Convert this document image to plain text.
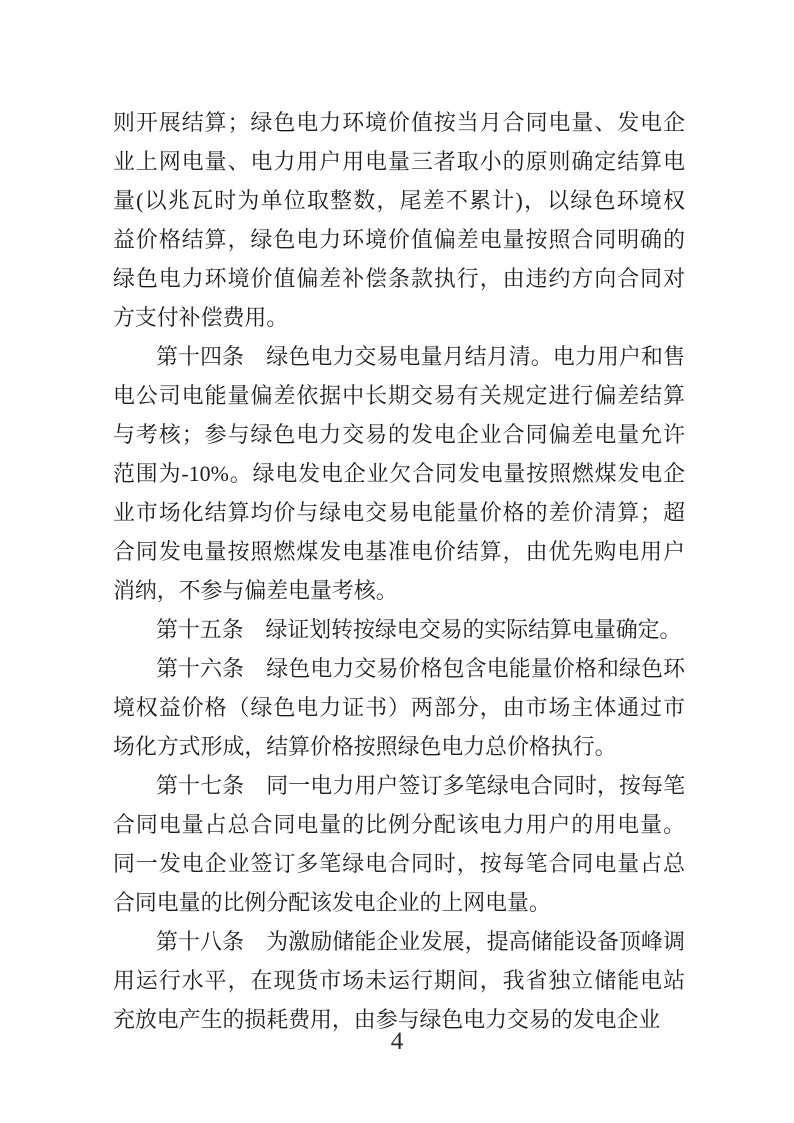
则开展结算；绿色电力环境价值按当月合同电量、发电企
业上网电量、电力用户用电量三者取小的原则确定结算电
量(以兆瓦时为单位取整数，尾差不累计)，以绿色环境权
益价格结算，绿色电力环境价值偏差电量按照合同明确的
绿色电力环境价值偏差补偿条款执行，由违约方向合同对
方支付补偿费用。
第十四条　绿色电力交易电量月结月清。电力用户和售
电公司电能量偏差依据中长期交易有关规定进行偏差结算
与考核；参与绿色电力交易的发电企业合同偏差电量允许
范围为-10%。绿电发电企业欠合同发电量按照燃煤发电企
业市场化结算均价与绿电交易电能量价格的差价清算；超
合同发电量按照燃煤发电基准电价结算，由优先购电用户
消纳，不参与偏差电量考核。
第十五条　绿证划转按绿电交易的实际结算电量确定。
第十六条　绿色电力交易价格包含电能量价格和绿色环
境权益价格（绿色电力证书）两部分，由市场主体通过市
场化方式形成，结算价格按照绿色电力总价格执行。
第十七条　同一电力用户签订多笔绿电合同时，按每笔
合同电量占总合同电量的比例分配该电力用户的用电量。
同一发电企业签订多笔绿电合同时，按每笔合同电量占总
合同电量的比例分配该发电企业的上网电量。
第十八条　为激励储能企业发展，提高储能设备顶峰调
用运行水平，在现货市场未运行期间，我省独立储能电站
充放电产生的损耗费用，由参与绿色电力交易的发电企业
4
